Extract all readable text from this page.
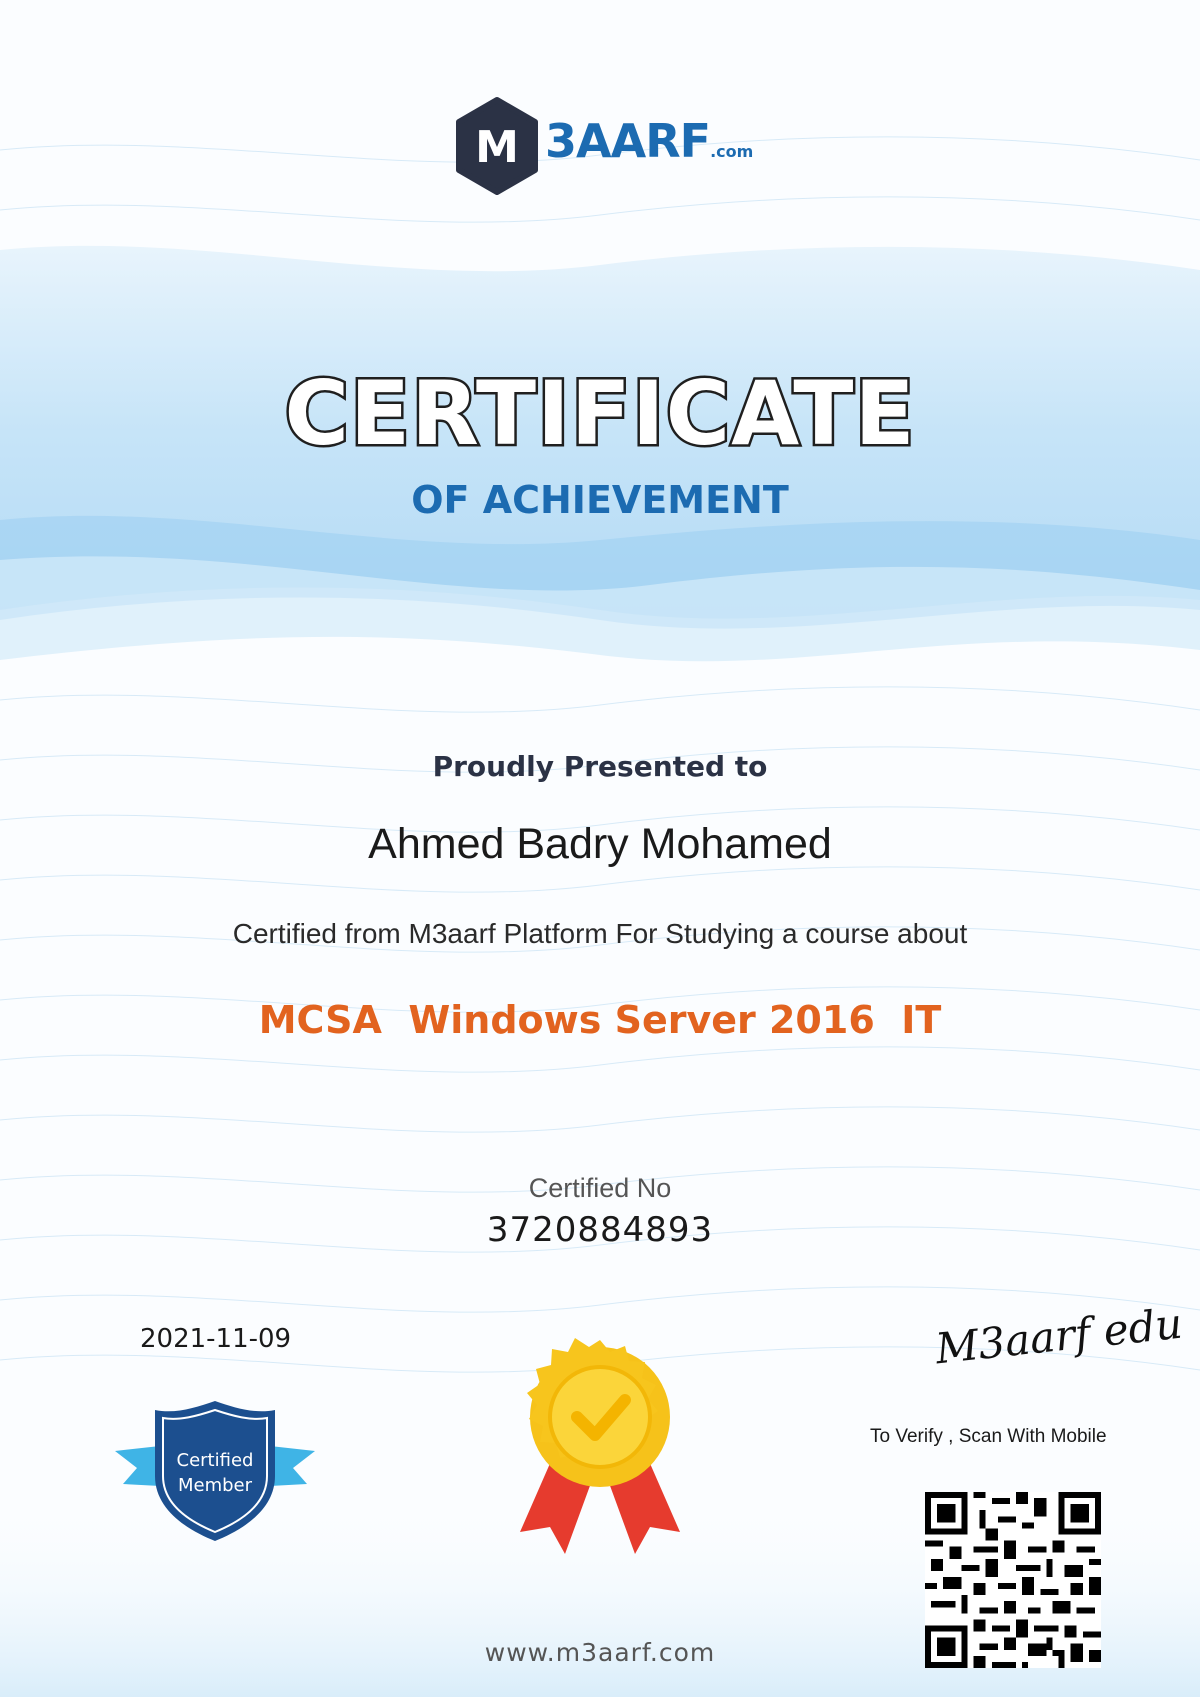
M 3AARF.com
CERTIFICATE
OF ACHIEVEMENT
Proudly Presented to
Ahmed Badry Mohamed
Certified from M3aarf Platform For Studying a course about
MCSA  Windows Server 2016  IT
Certified No
3720884893
2021-11-09
Certified
Member
M3aarf edu
To Verify , Scan With Mobile
www.m3aarf.com
